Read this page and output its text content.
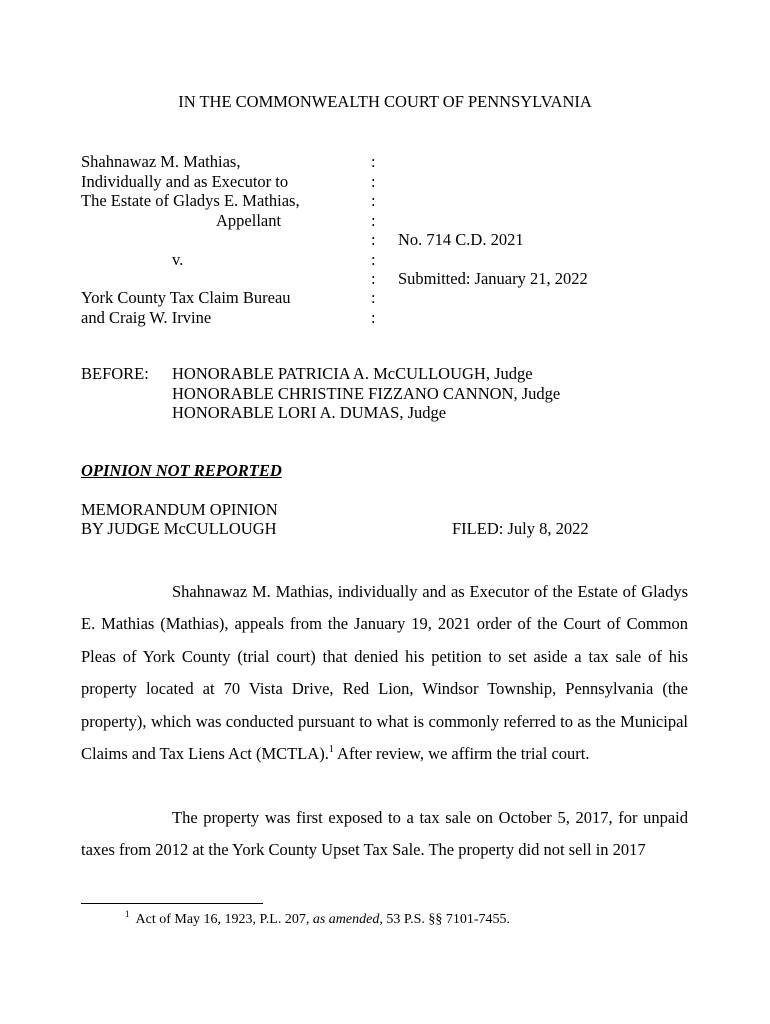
IN THE COMMONWEALTH COURT OF PENNSYLVANIA
Shahnawaz M. Mathias,
Individually and as Executor to
The Estate of Gladys E. Mathias,
Appellant
v.
York County Tax Claim Bureau
and Craig W. Irvine
:
:
:
:
:
:
:
:
:
No. 714 C.D. 2021
Submitted: January 21, 2022
BEFORE: HONORABLE PATRICIA A. McCULLOUGH, Judge
HONORABLE CHRISTINE FIZZANO CANNON, Judge
HONORABLE LORI A. DUMAS, Judge
OPINION NOT REPORTED
MEMORANDUM OPINION
BY JUDGE McCULLOUGH	FILED: July 8, 2022

Shahnawaz M. Mathias, individually and as Executor of the Estate of Gladys E. Mathias (Mathias), appeals from the January 19, 2021 order of the Court of Common Pleas of York County (trial court) that denied his petition to set aside a tax sale of his property located at 70 Vista Drive, Red Lion, Windsor Township, Pennsylvania (the property), which was conducted pursuant to what is commonly referred to as the Municipal Claims and Tax Liens Act (MCTLA).$^1$ After review, we affirm the trial court.

The property was first exposed to a tax sale on October 5, 2017, for unpaid taxes from 2012 at the York County Upset Tax Sale. The property did not sell in 2017

$^1$ Act of May 16, 1923, P.L. 207, as amended, 53 P.S. §§ 7101-7455.
